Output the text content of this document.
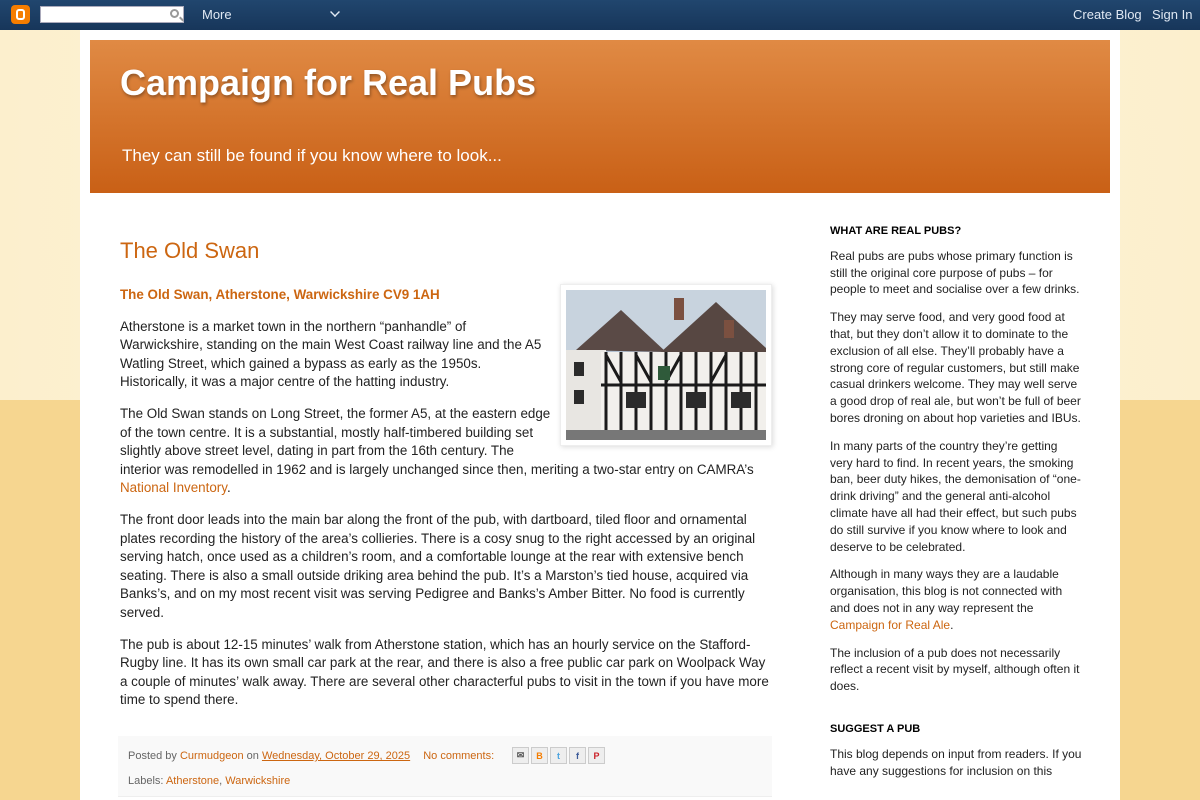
More	Create Blog Sign In
Campaign for Real Pubs
They can still be found if you know where to look...
The Old Swan

The Old Swan, Atherstone, Warwickshire CV9 1AH

Atherstone is a market town in the northern “panhandle” of Warwickshire, standing on the main West Coast railway line and the A5 Watling Street, which gained a bypass as early as the 1950s. Historically, it was a major centre of the hatting industry.

The Old Swan stands on Long Street, the former A5, at the eastern edge of the town centre. It is a substantial, mostly half-timbered building set slightly above street level, dating in part from the 16th century. The interior was remodelled in 1962 and is largely unchanged since then, meriting a two-star entry on CAMRA’s National Inventory.

The front door leads into the main bar along the front of the pub, with dartboard, tiled floor and ornamental plates recording the history of the area’s collieries. There is a cosy snug to the right accessed by an original serving hatch, once used as a children’s room, and a comfortable lounge at the rear with extensive bench seating. There is also a small outside driking area behind the pub. It’s a Marston’s tied house, acquired via Banks’s, and on my most recent visit was serving Pedigree and Banks’s Amber Bitter. No food is currently served.

The pub is about 12-15 minutes’ walk from Atherstone station, which has an hourly service on the Stafford-Rugby line. It has its own small car park at the rear, and there is also a free public car park on Woolpack Way a couple of minutes’ walk away. There are several other characterful pubs to visit in the town if you have more time to spend there.

Posted by Curmudgeon on Wednesday, October 29, 2025 No comments:	✉	B	t	f	P
Labels: Atherstone, Warwickshire
WHAT ARE REAL PUBS?

Real pubs are pubs whose primary function is still the original core purpose of pubs – for people to meet and socialise over a few drinks.

They may serve food, and very good food at that, but they don’t allow it to dominate to the exclusion of all else. They’ll probably have a strong core of regular customers, but still make casual drinkers welcome. They may well serve a good drop of real ale, but won’t be full of beer bores droning on about hop varieties and IBUs.

In many parts of the country they’re getting very hard to find. In recent years, the smoking ban, beer duty hikes, the demonisation of “one-drink driving” and the general anti-alcohol climate have all had their effect, but such pubs do still survive if you know where to look and deserve to be celebrated.

Although in many ways they are a laudable organisation, this blog is not connected with and does not in any way represent the Campaign for Real Ale.

The inclusion of a pub does not necessarily reflect a recent visit by myself, although often it does.

SUGGEST A PUB

This blog depends on input from readers. If you have any suggestions for inclusion on this
